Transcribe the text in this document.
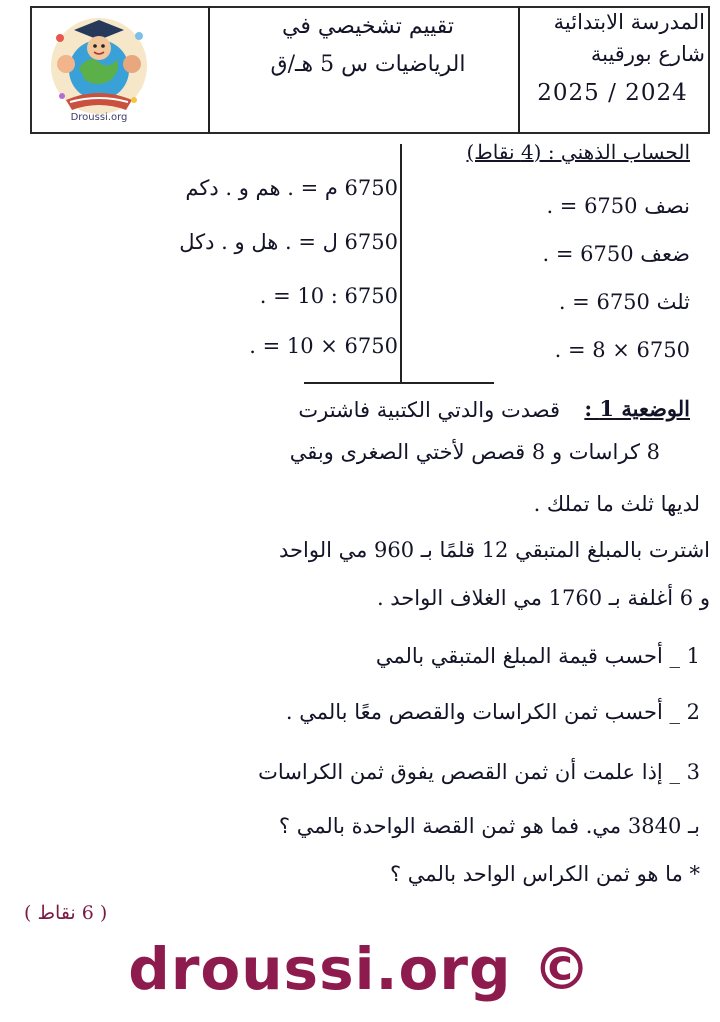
Droussi.org
تقييم تشخيصي في
الرياضيات س 5 هـ/ق
المدرسة الابتدائية
شارع بورقيبة
2025 / 2024
الحساب الذهني : (4 نقاط)
نصف 6750 = .
ضعف 6750 = .
ثلث 6750 = .
6750 × 8 = .
6750 م = . هم و . دكم
6750 ل = . هل و . دكل
6750 : 10 = .
6750 × 10 = .
الوضعية 1 :
قصدت والدتي الكتبية فاشترت
8 كراسات و 8 قصص لأختي الصغرى وبقي
لديها ثلث ما تملك .
اشترت بالمبلغ المتبقي 12 قلمًا بـ 960 مي الواحد
و 6 أغلفة بـ 1760 مي الغلاف الواحد .
1 _ أحسب قيمة المبلغ المتبقي بالمي
2 _ أحسب ثمن الكراسات والقصص معًا بالمي .
3 _ إذا علمت أن ثمن القصص يفوق ثمن الكراسات
بـ 3840 مي. فما هو ثمن القصة الواحدة بالمي ؟
* ما هو ثمن الكراس الواحد بالمي ؟
( 6 نقاط )
droussi.org ©
